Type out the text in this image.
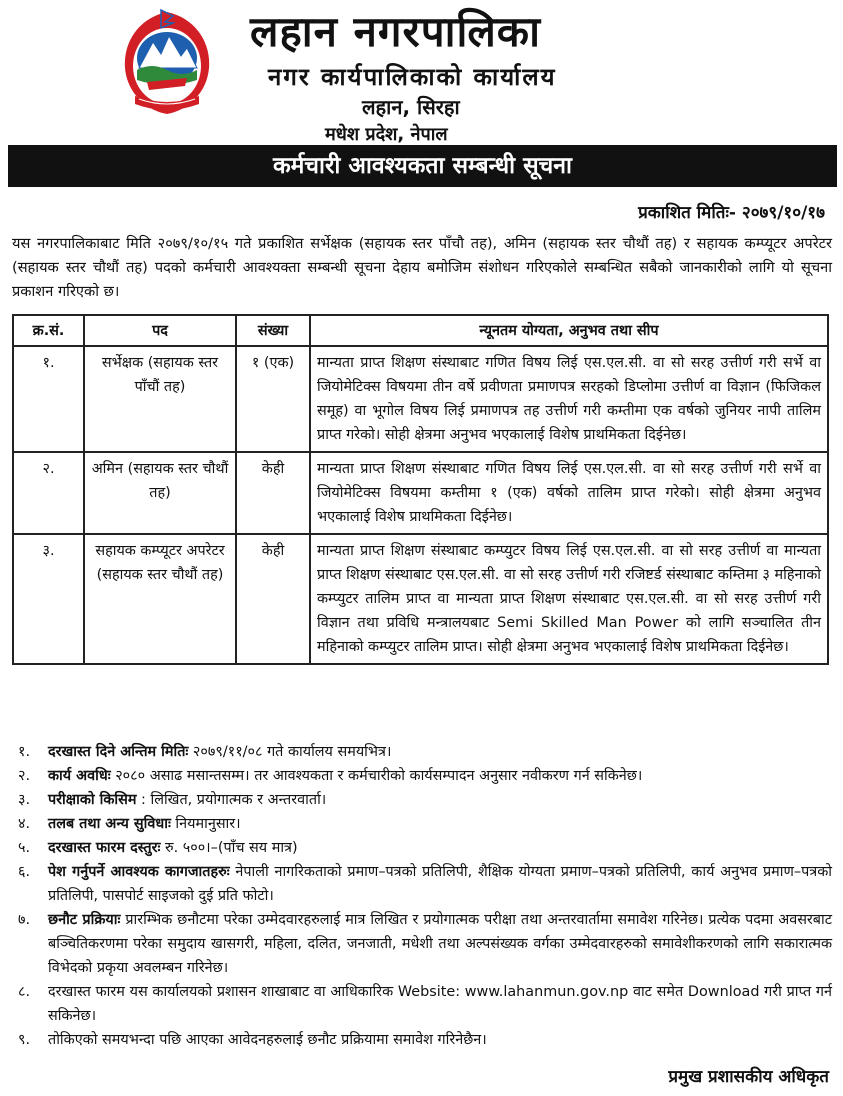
लहान नगरपालिका
नगर कार्यपालिकाको कार्यालय
लहान, सिरहा
मधेश प्रदेश, नेपाल
कर्मचारी आवश्यकता सम्बन्धी सूचना
प्रकाशित मितिः- २०७९/१०/१७
यस नगरपालिकाबाट मिति २०७९/१०/१५ गते प्रकाशित सर्भेक्षक (सहायक स्तर पाँचौ तह), अमिन (सहायक स्तर चौथौं तह) र सहायक कम्प्यूटर अपरेटर (सहायक स्तर चौथौं तह) पदको कर्मचारी आवश्यक्ता सम्बन्धी सूचना देहाय बमोजिम संशोधन गरिएकोले सम्बन्धित सबैको जानकारीको लागि यो सूचना प्रकाशन गरिएको छ।
क्र.सं.	पद	संख्या	न्यूनतम योग्यता, अनुभव तथा सीप
१.	सर्भेक्षक (सहायक स्तर पाँचौं तह)	१ (एक)	मान्यता प्राप्त शिक्षण संस्थाबाट गणित विषय लिई एस.एल.सी. वा सो सरह उत्तीर्ण गरी सर्भे वा जियोमेटिक्स विषयमा तीन वर्षे प्रवीणता प्रमाणपत्र सरहको डिप्लोमा उत्तीर्ण वा विज्ञान (फिजिकल समूह) वा भूगोल विषय लिई प्रमाणपत्र तह उत्तीर्ण गरी कम्तीमा एक वर्षको जुनियर नापी तालिम प्राप्त गरेको। सोही क्षेत्रमा अनुभव भएकालाई विशेष प्राथमिकता दिईनेछ।
२.	अमिन (सहायक स्तर चौथौं तह)	केही	मान्यता प्राप्त शिक्षण संस्थाबाट गणित विषय लिई एस.एल.सी. वा सो सरह उत्तीर्ण गरी सर्भे वा जियोमेटिक्स विषयमा कम्तीमा १ (एक) वर्षको तालिम प्राप्त गरेको। सोही क्षेत्रमा अनुभव भएकालाई विशेष प्राथमिकता दिईनेछ।
३.	सहायक कम्प्यूटर अपरेटर (सहायक स्तर चौथौं तह)	केही	मान्यता प्राप्त शिक्षण संस्थाबाट कम्प्युटर विषय लिई एस.एल.सी. वा सो सरह उत्तीर्ण वा मान्यता प्राप्त शिक्षण संस्थाबाट एस.एल.सी. वा सो सरह उत्तीर्ण गरी रजिष्टर्ड संस्थाबाट कम्तिमा ३ महिनाको कम्प्युटर तालिम प्राप्त वा मान्यता प्राप्त शिक्षण संस्थाबाट एस.एल.सी. वा सो सरह उत्तीर्ण गरी विज्ञान तथा प्रविधि मन्त्रालयबाट Semi Skilled Man Power को लागि सञ्चालित तीन महिनाको कम्प्युटर तालिम प्राप्त। सोही क्षेत्रमा अनुभव भएकालाई विशेष प्राथमिकता दिईनेछ।
१. दरखास्त दिने अन्तिम मितिः २०७९/११/०८ गते कार्यालय समयभित्र।
२. कार्य अवधिः २०८० असाढ मसान्तसम्म। तर आवश्यकता र कर्मचारीको कार्यसम्पादन अनुसार नवीकरण गर्न सकिनेछ।
३. परीक्षाको किसिम : लिखित, प्रयोगात्मक र अन्तरवार्ता।
४. तलब तथा अन्य सुविधाः नियमानुसार।
५. दरखास्त फारम दस्तुरः रु. ५००।–(पाँच सय मात्र)
६. पेश गर्नुपर्ने आवश्यक कागजातहरुः नेपाली नागरिकताको प्रमाण–पत्रको प्रतिलिपी, शैक्षिक योग्यता प्रमाण–पत्रको प्रतिलिपी, कार्य अनुभव प्रमाण–पत्रको प्रतिलिपी, पासपोर्ट साइजको दुई प्रति फोटो।
७. छनौट प्रक्रियाः प्रारम्भिक छनौटमा परेका उम्मेदवारहरुलाई मात्र लिखित र प्रयोगात्मक परीक्षा तथा अन्तरवार्तामा समावेश गरिनेछ। प्रत्येक पदमा अवसरबाट बञ्चितिकरणमा परेका समुदाय खासगरी, महिला, दलित, जनजाती, मधेशी तथा अल्पसंख्यक वर्गका उम्मेदवारहरुको समावेशीकरणको लागि सकारात्मक विभेदको प्रकृया अवलम्बन गरिनेछ।
८. दरखास्त फारम यस कार्यालयको प्रशासन शाखाबाट वा आधिकारिक Website: www.lahanmun.gov.np वाट समेत Download गरी प्राप्त गर्न सकिनेछ।
९. तोकिएको समयभन्दा पछि आएका आवेदनहरुलाई छनौट प्रक्रियामा समावेश गरिनेछैन।
प्रमुख प्रशासकीय अधिकृत
